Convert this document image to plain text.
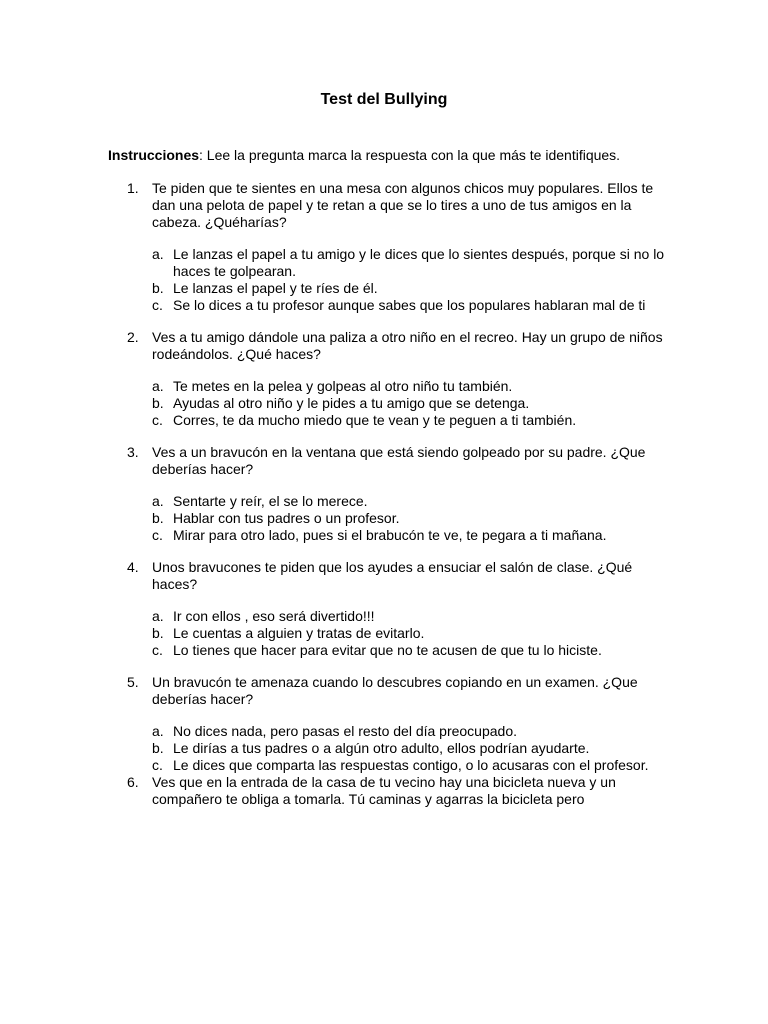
Test del Bullying
Instrucciones: Lee la pregunta marca la respuesta con la que más te identifiques.
1. Te piden que te sientes en una mesa con algunos chicos muy populares. Ellos te dan una pelota de papel y te retan a que se lo tires a uno de tus amigos en la cabeza. ¿Quéharías?
a. Le lanzas el papel a tu amigo y le dices que lo sientes después, porque si no lo haces te golpearan.
b. Le lanzas el papel y te ríes de él.
c. Se lo dices a tu profesor aunque sabes que los populares hablaran mal de ti
2. Ves a tu amigo dándole una paliza a otro niño en el recreo. Hay un grupo de niños rodeándolos. ¿Qué haces?
a. Te metes en la pelea y golpeas al otro niño tu también.
b. Ayudas al otro niño y le pides a tu amigo que se detenga.
c. Corres, te da mucho miedo que te vean y te peguen a ti también.
3. Ves a un bravucón en la ventana que está siendo golpeado por su padre. ¿Que deberías hacer?
a. Sentarte y reír, el se lo merece.
b. Hablar con tus padres o un profesor.
c. Mirar para otro lado, pues si el brabucón te ve, te pegara a ti mañana.
4. Unos bravucones te piden que los ayudes a ensuciar el salón de clase. ¿Qué haces?
a. Ir con ellos , eso será divertido!!!
b. Le cuentas a alguien y tratas de evitarlo.
c. Lo tienes que hacer para evitar que no te acusen de que tu lo hiciste.
5. Un bravucón te amenaza cuando lo descubres copiando en un examen. ¿Que deberías hacer?
a. No dices nada, pero pasas el resto del día preocupado.
b. Le dirías a tus padres o a algún otro adulto, ellos podrían ayudarte.
c. Le dices que comparta las respuestas contigo, o lo acusaras con el profesor.
6. Ves que en la entrada de la casa de tu vecino hay una bicicleta nueva y un compañero te obliga a tomarla. Tú caminas y agarras la bicicleta pero
